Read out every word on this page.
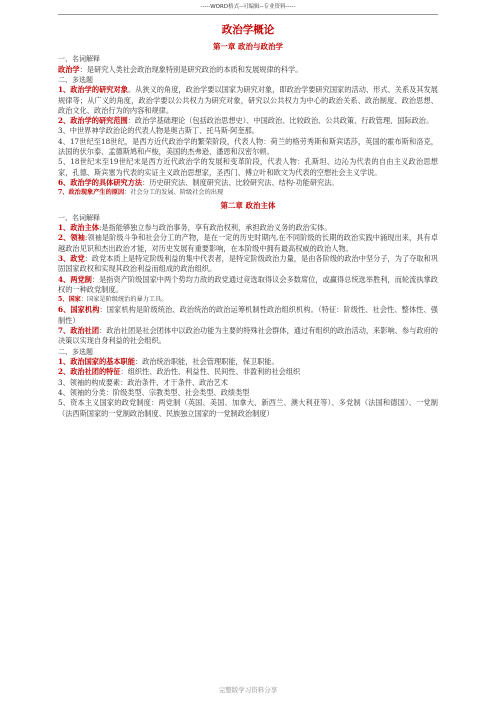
-----WORD格式--可编辑--专业资料-----
政治学概论
第一章 政治与政治学
一、名词解释
政治学：是研究人类社会政治现象特别是研究政治的本质和发展规律的科学。
二、多选题
1、政治学的研究对象。从狭义的角度，政治学要以国家为研究对象，即政治学要研究国家的活动、形式、关系及其发展规律等；从广义的角度，政治学要以公共权力为研究对象，研究以公共权力为中心的政治关系、政治制度、政治思想、政治文化、政治行为的内容和规律。
2、政治学的研究范围：政治学基础理论（包括政治思想史）、中国政治、比较政治、公共政策、行政管理、国际政治。
3、中世界神学政治论的代表人物是奥古斯丁、托马斯·阿奎那。
4、17世纪至18世纪，是西方近代政治学的繁荣阶段，代表人物：荷兰的格劳秀斯和斯宾诺莎，英国的霍布斯和洛克，法国的伏尔泰、孟德斯鸠和卢梭，美国的杰弗逊、潘恩和汉密尔顿。
5、18世纪末至19世纪末是西方近代政治学的发展和变革阶段，代表人物：孔斯坦、边沁为代表的自由主义政治思想家，孔德、斯宾塞为代表的实证主义政治思想家，圣西门、傅立叶和欧文为代表的空想社会主义学说。
6、政治学的具体研究方法：历史研究法、制度研究法、比较研究法、结构-功能研究法。
7、政治现象产生的原因：社会分工的发展、阶级社会的出现
第二章 政治主体
一、名词解释
1、政治主体:是指能够独立参与政治事务，享有政治权利，承担政治义务的政治实体。
2、领袖:领袖是阶级斗争和社会分工的产物，是在一定的历史时期内,在不同阶级的长期的政治实践中涌现出来，具有卓越政治见识和杰出政治才能，对历史发展有重要影响，在本阶级中拥有最高权威的政治人物。
3、政党：政党本质上是特定阶级利益的集中代表者，是特定阶级政治力量，是由各阶级的政治中坚分子，为了夺取和巩固国家政权和实现其政治利益而组成的政治组织。
4、两党制：是指资产阶级国家中两个势均力敌的政党通过竞选取得议会多数席位，或赢得总统选举胜利，而轮流执掌政权的一种政党制度。
5、国家：国家是阶级统治的暴力工具。
6、国家机构：国家机构是阶级统治、政治统治的政治运筹机制性政治组织机构。（特征：阶级性、社会性、整体性、强制性）
7、政治社团：政治社团是社会团体中以政治功能为主要的特殊社会群体，通过有组织的政治活动，来影响、参与政府的决策以实现自身利益的社会组织。
二、多选题
1、政治国家的基本职能：政治统治职能，社会管理职能，保卫职能。
2、政治社团的特征：组织性、政治性、利益性、民间性、非盈利的社会组织
3、领袖的构成要素：政治条件、才干条件、政治艺术
4、领袖的分类：阶级类型、宗教类型、社会类型、政绩类型
5、资本主义国家的政党制度：两党制（英国、美国、加拿大、新西兰、澳大利亚等）、多党制（法国和德国）、一党制（法西斯国家的一党制政治制度、民族独立国家的一党制政治制度）
完整版学习资料分享
